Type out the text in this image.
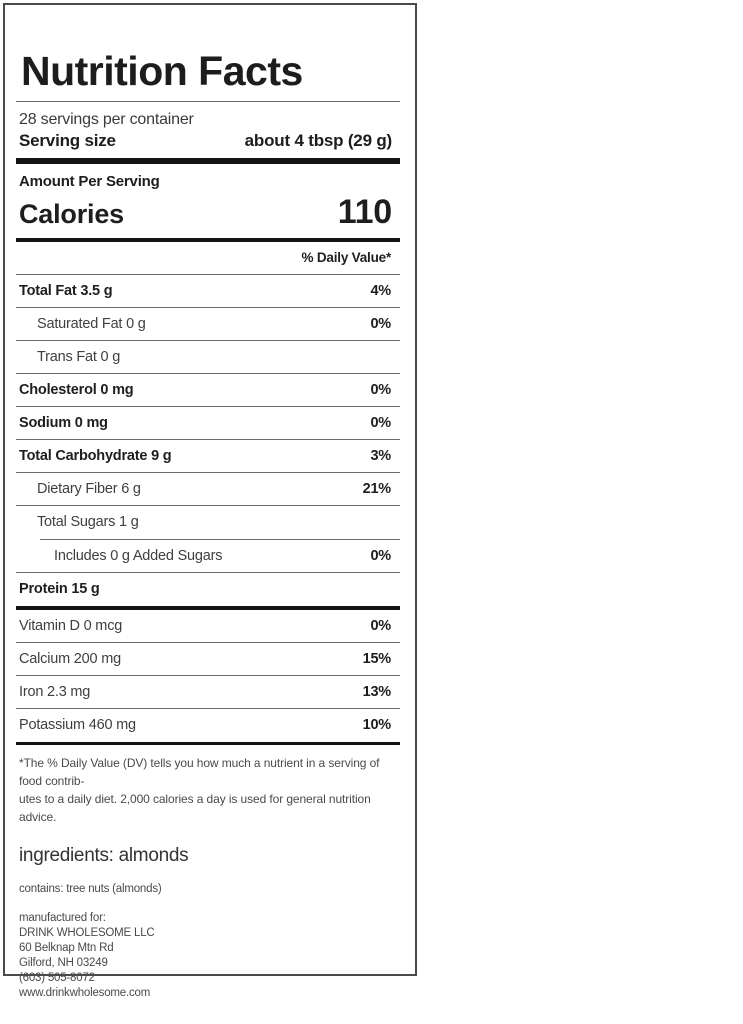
Nutrition Facts
28 servings per container
Serving size	about 4 tbsp (29 g)
Amount Per Serving
Calories	110
% Daily Value*
Total Fat 3.5 g	4%
Saturated Fat 0 g	0%
Trans Fat 0 g
Cholesterol 0 mg	0%
Sodium 0 mg	0%
Total Carbohydrate 9 g	3%
Dietary Fiber 6 g	21%
Total Sugars 1 g
Includes 0 g Added Sugars	0%
Protein 15 g
Vitamin D 0 mcg	0%
Calcium 200 mg	15%
Iron 2.3 mg	13%
Potassium 460 mg	10%
*The % Daily Value (DV) tells you how much a nutrient in a serving of food contrib-
utes to a daily diet. 2,000 calories a day is used for general nutrition advice.
ingredients: almonds
contains: tree nuts (almonds)
manufactured for:
DRINK WHOLESOME LLC
60 Belknap Mtn Rd
Gilford, NH 03249
(603) 505-8072
www.drinkwholesome.com
